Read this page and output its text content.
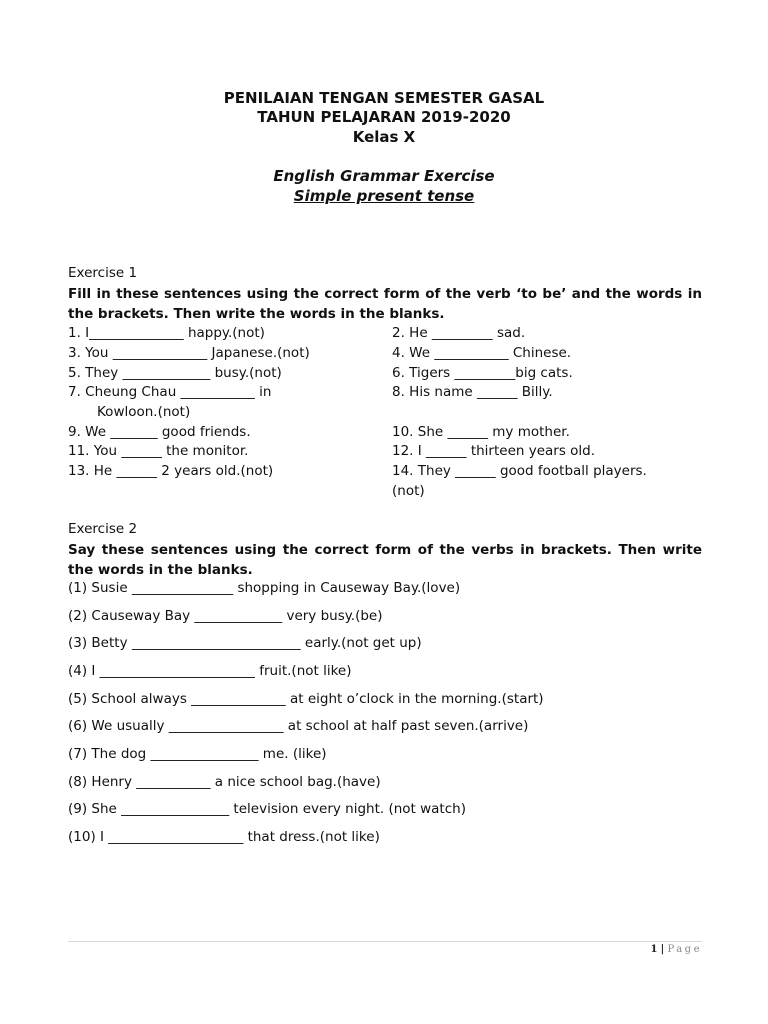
PENILAIAN TENGAN SEMESTER GASAL
TAHUN PELAJARAN 2019-2020
Kelas X
English Grammar Exercise
Simple present tense
Exercise 1
Fill in these sentences using the correct form of the verb ‘to be’ and the words in the brackets. Then write the words in the blanks.
1. I______________ happy.(not)	2. He _________ sad.
3. You ______________ Japanese.(not)	4. We ___________ Chinese.
5. They _____________ busy.(not)	6. Tigers _________big cats.
7. Cheung Chau ___________ in
Kowloon.(not)
8. His name ______ Billy.
9. We _______ good friends.	10. She ______ my mother.
11. You ______ the monitor.	12. I ______ thirteen years old.
13. He ______ 2 years old.(not)	14. They ______ good football players.
(not)
Exercise 2
Say these sentences using the correct form of the verbs in brackets. Then write the words in the blanks.
(1) Susie _______________ shopping in Causeway Bay.(love)
(2) Causeway Bay _____________ very busy.(be)
(3) Betty _________________________ early.(not get up)
(4) I _______________________ fruit.(not like)
(5) School always ______________ at eight o’clock in the morning.(start)
(6) We usually _________________ at school at half past seven.(arrive)
(7) The dog ________________ me. (like)
(8) Henry ___________ a nice school bag.(have)
(9) She ________________ television every night. (not watch)
(10) I ____________________ that dress.(not like)
1 | Page
